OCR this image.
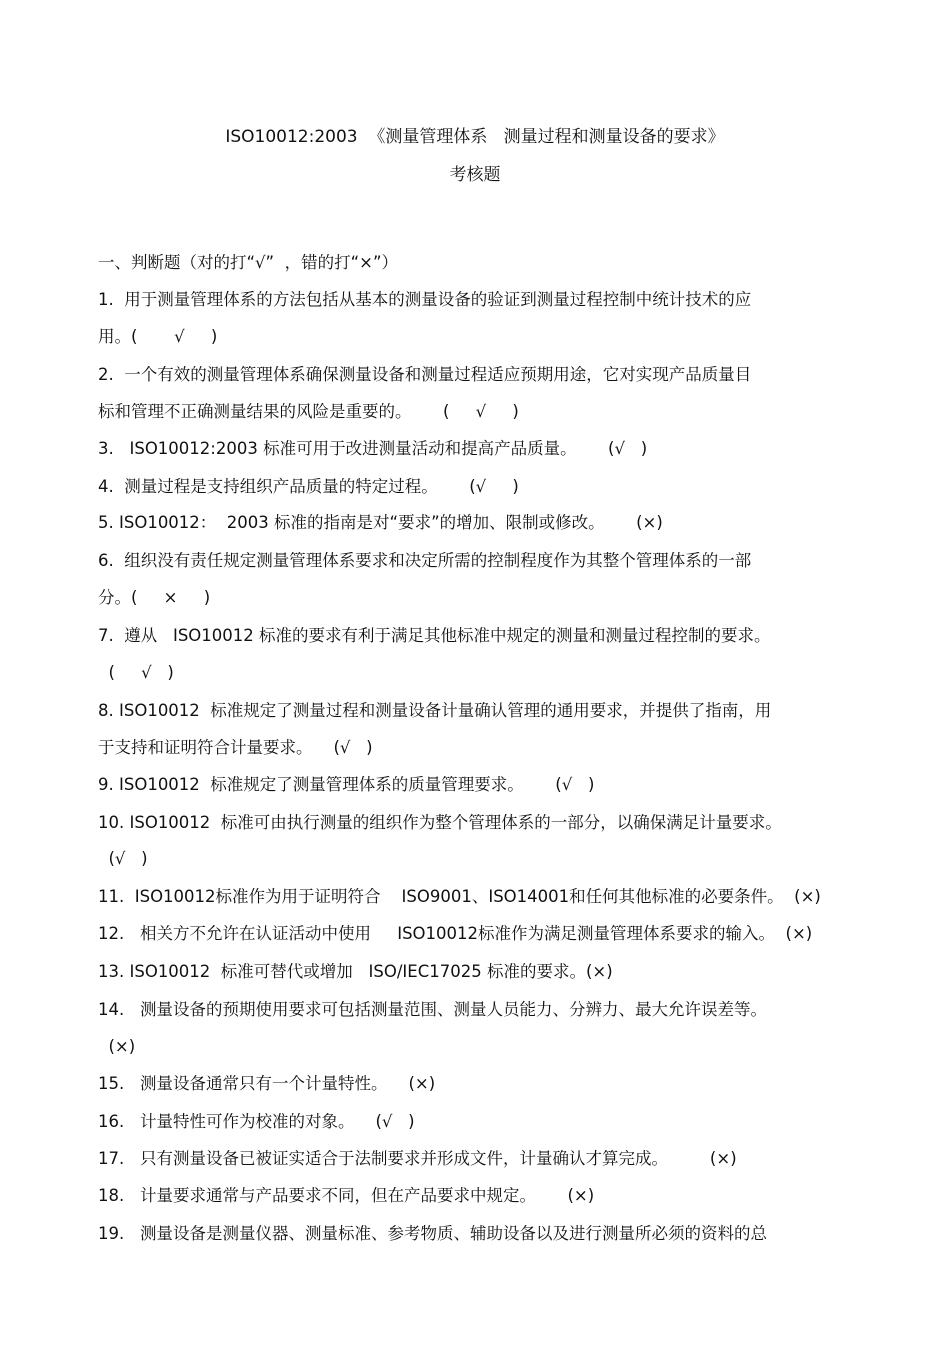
ISO10012:2003  《测量管理体系   测量过程和测量设备的要求》
考核题
一、判断题（对的打“√”  ，错的打“×”）
1.  用于测量管理体系的方法包括从基本的测量设备的验证到测量过程控制中统计技术的应
用。(       √     )
2.  一个有效的测量管理体系确保测量设备和测量过程适应预期用途，它对实现产品质量目
标和管理不正确测量结果的风险是重要的。      (     √     )
3.   ISO10012:2003 标准可用于改进测量活动和提高产品质量。      (√   )
4.  测量过程是支持组织产品质量的特定过程。      (√     )
5. ISO10012：  2003 标准的指南是对“要求”的增加、限制或修改。      (×)
6.  组织没有责任规定测量管理体系要求和决定所需的控制程度作为其整个管理体系的一部
分。(     ×     )
7.  遵从   ISO10012 标准的要求有利于满足其他标准中规定的测量和测量过程控制的要求。
(     √   )
8. ISO10012  标准规定了测量过程和测量设备计量确认管理的通用要求，并提供了指南，用
于支持和证明符合计量要求。    (√   )
9. ISO10012  标准规定了测量管理体系的质量管理要求。      (√   )
10. ISO10012  标准可由执行测量的组织作为整个管理体系的一部分，以确保满足计量要求。
(√   )
11.  ISO10012标准作为用于证明符合    ISO9001、ISO14001和任何其他标准的必要条件。  (×)
12.   相关方不允许在认证活动中使用     ISO10012标准作为满足测量管理体系要求的输入。  (×)
13. ISO10012  标准可替代或增加   ISO/IEC17025 标准的要求。(×)
14.   测量设备的预期使用要求可包括测量范围、测量人员能力、分辨力、最大允许误差等。
(×)
15.   测量设备通常只有一个计量特性。    (×)
16.   计量特性可作为校准的对象。    (√   )
17.   只有测量设备已被证实适合于法制要求并形成文件，计量确认才算完成。        (×)
18.   计量要求通常与产品要求不同，但在产品要求中规定。      (×)
19.   测量设备是测量仪器、测量标准、参考物质、辅助设备以及进行测量所必须的资料的总
